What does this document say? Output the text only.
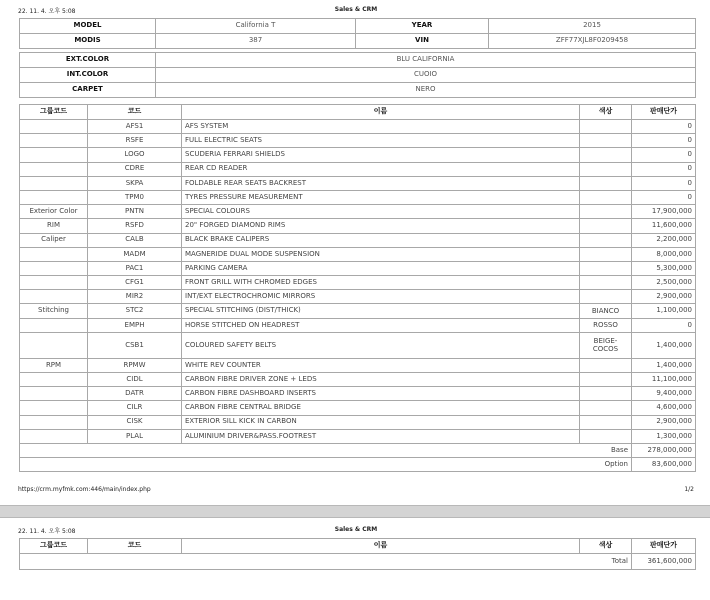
22. 11. 4. 오후 5:08	Sales & CRM
MODEL	California T	YEAR	2015
MODIS	387	VIN	ZFF77XJL8F0209458
EXT.COLOR	BLU CALIFORNIA
INT.COLOR	CUOIO
CARPET	NERO
그룹코드	코드	이름	색상	판매단가
	AFS1	AFS SYSTEM		0
	RSFE	FULL ELECTRIC SEATS		0
	LOGO	SCUDERIA FERRARI SHIELDS		0
	CDRE	REAR CD READER		0
	SKPA	FOLDABLE REAR SEATS BACKREST		0
	TPM0	TYRES PRESSURE MEASUREMENT		0
Exterior Color	PNTN	SPECIAL COLOURS		17,900,000
RIM	RSFD	20" FORGED DIAMOND RIMS		11,600,000
Caliper	CALB	BLACK BRAKE CALIPERS		2,200,000
	MADM	MAGNERIDE DUAL MODE SUSPENSION		8,000,000
	PAC1	PARKING CAMERA		5,300,000
	CFG1	FRONT GRILL WITH CHROMED EDGES		2,500,000
	MIR2	INT/EXT ELECTROCHROMIC MIRRORS		2,900,000
Stitching	STC2	SPECIAL STITCHING (DIST/THICK)	BIANCO	1,100,000
	EMPH	HORSE STITCHED ON HEADREST	ROSSO	0
	CSB1	COLOURED SAFETY BELTS	BEIGE-COCOS	1,400,000
RPM	RPMW	WHITE REV COUNTER		1,400,000
	CIDL	CARBON FIBRE DRIVER ZONE + LEDS		11,100,000
	DATR	CARBON FIBRE DASHBOARD INSERTS		9,400,000
	CILR	CARBON FIBRE CENTRAL BRIDGE		4,600,000
	CISK	EXTERIOR SILL KICK IN CARBON		2,900,000
	PLAL	ALUMINIUM DRIVER&PASS.FOOTREST		1,300,000
Base				278,000,000
Option				83,600,000
https://crm.myfmk.com:446/main/index.php	1/2
22. 11. 4. 오후 5:08	Sales & CRM
그룹코드	코드	이름	색상	판매단가
Total				361,600,000
